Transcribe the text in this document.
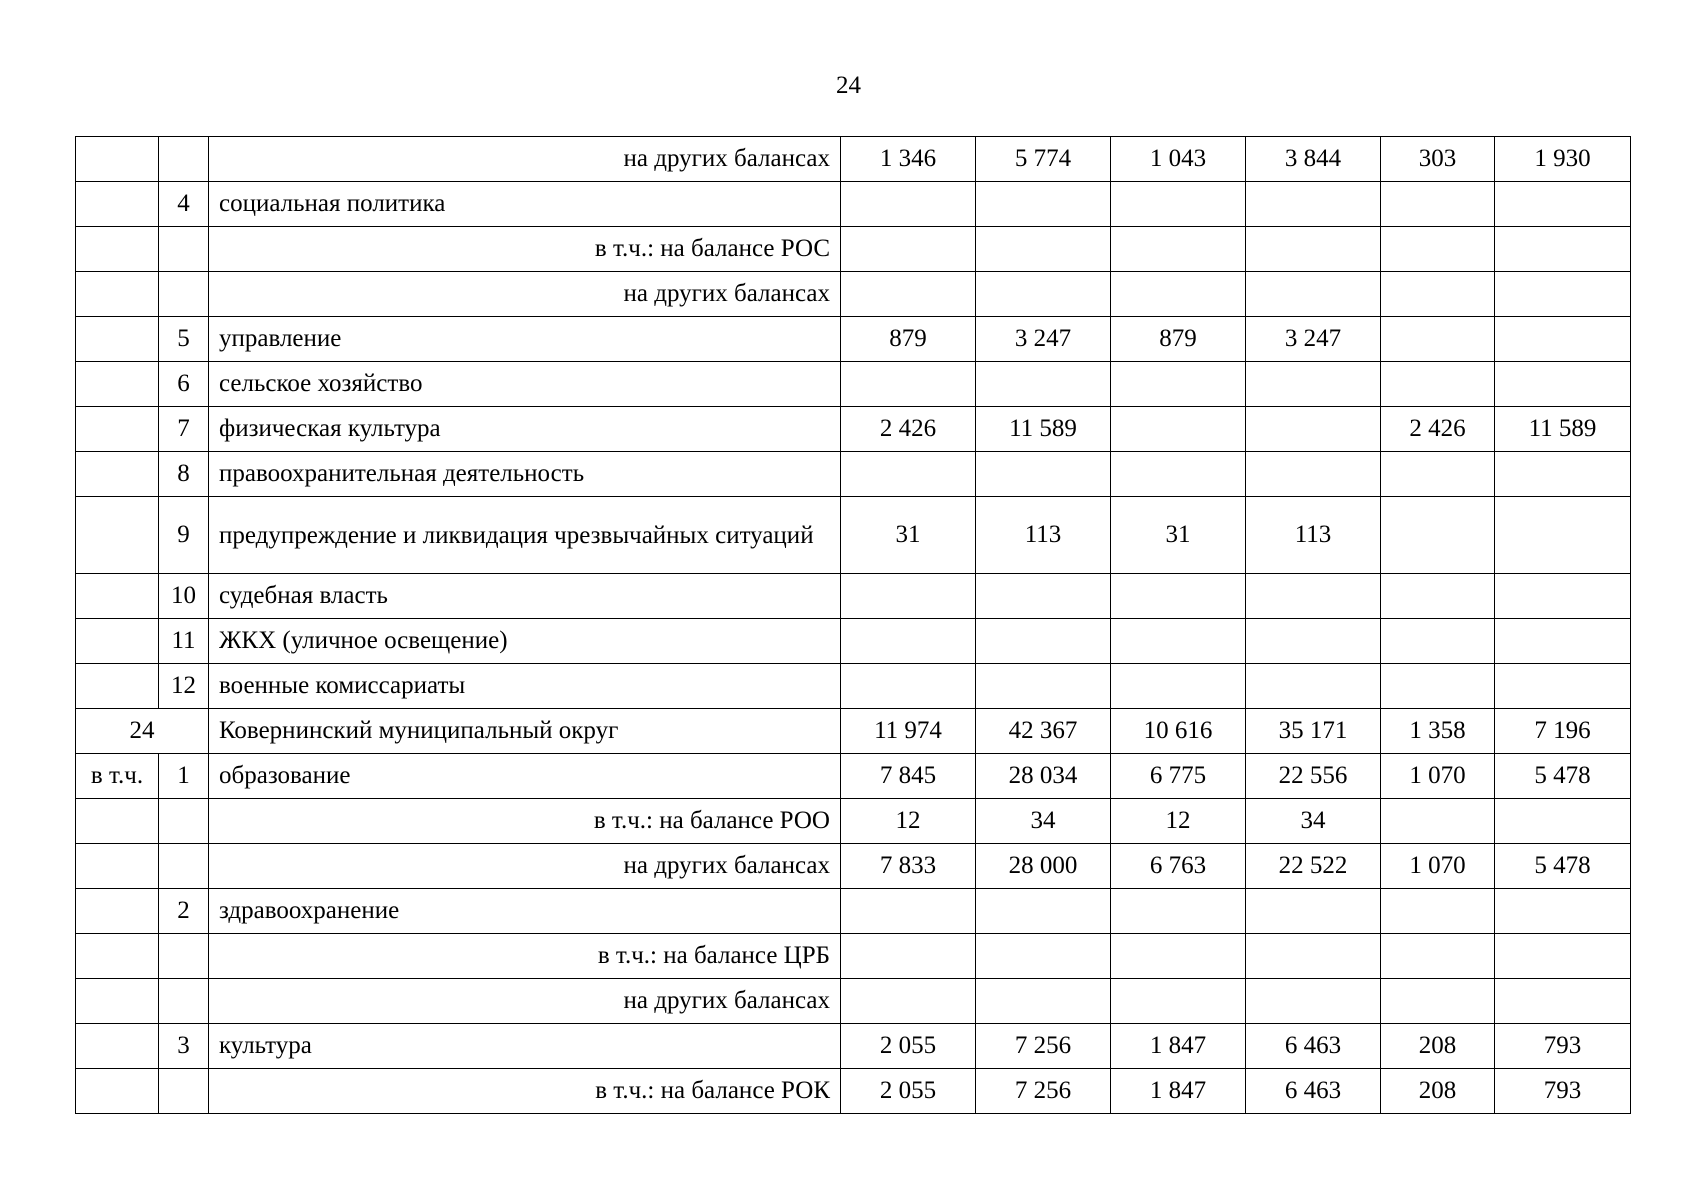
24
		на других балансах	1 346	5 774	1 043	3 844	303	1 930
	4	социальная политика						
		в т.ч.: на балансе РОС						
		на других балансах						
	5	управление	879	3 247	879	3 247		
	6	сельское хозяйство						
	7	физическая культура	2 426	11 589			2 426	11 589
	8	правоохранительная деятельность						
	9	предупреждение и ликвидация чрезвычайных ситуаций	31	113	31	113		
	10	судебная власть						
	11	ЖКХ (уличное освещение)						
	12	военные комиссариаты						
24		Ковернинский муниципальный округ	11 974	42 367	10 616	35 171	1 358	7 196
в т.ч.	1	образование	7 845	28 034	6 775	22 556	1 070	5 478
		в т.ч.: на балансе РОО	12	34	12	34		
		на других балансах	7 833	28 000	6 763	22 522	1 070	5 478
	2	здравоохранение						
		в т.ч.: на балансе ЦРБ						
		на других балансах						
	3	культура	2 055	7 256	1 847	6 463	208	793
		в т.ч.: на балансе РОК	2 055	7 256	1 847	6 463	208	793
